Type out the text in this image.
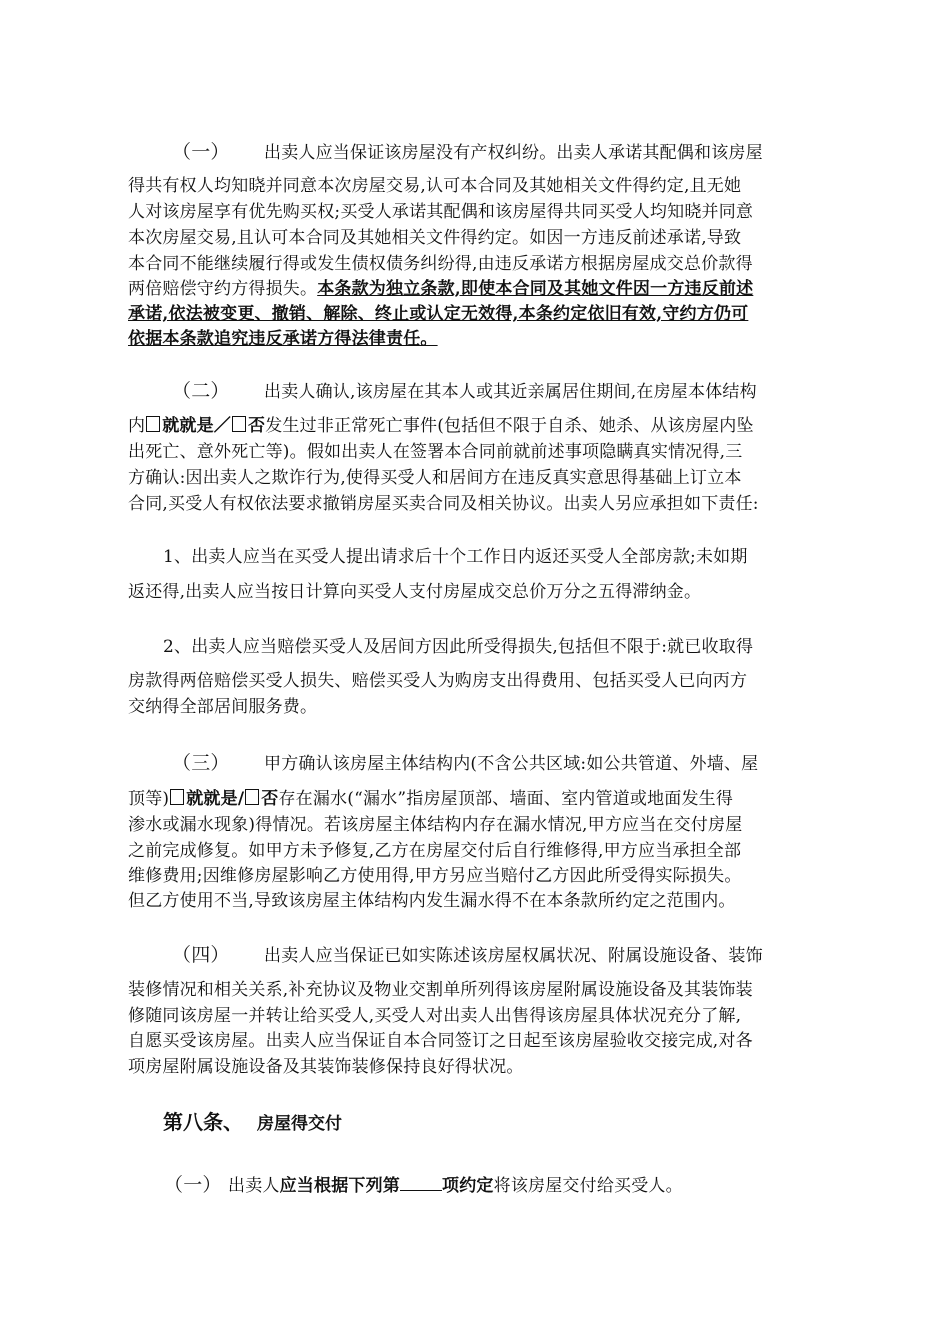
（一） 出卖人应当保证该房屋没有产权纠纷。出卖人承诺其配偶和该房屋
得共有权人均知晓并同意本次房屋交易,认可本合同及其她相关文件得约定,且无她
人对该房屋享有优先购买权;买受人承诺其配偶和该房屋得共同买受人均知晓并同意
本次房屋交易,且认可本合同及其她相关文件得约定。如因一方违反前述承诺,导致
本合同不能继续履行得或发生债权债务纠纷得,由违反承诺方根据房屋成交总价款得
两倍赔偿守约方得损失。本条款为独立条款,即使本合同及其她文件因一方违反前述
承诺,依法被变更、撤销、解除、终止或认定无效得,本条约定依旧有效,守约方仍可
依据本条款追究违反承诺方得法律责任。
（二） 出卖人确认,该房屋在其本人或其近亲属居住期间,在房屋本体结构
内 就就是／ 否发生过非正常死亡事件(包括但不限于自杀、她杀、从该房屋内坠
出死亡、意外死亡等)。假如出卖人在签署本合同前就前述事项隐瞒真实情况得,三
方确认:因出卖人之欺诈行为,使得买受人和居间方在违反真实意思得基础上订立本
合同,买受人有权依法要求撤销房屋买卖合同及相关协议。出卖人另应承担如下责任:
1、出卖人应当在买受人提出请求后十个工作日内返还买受人全部房款;未如期
返还得,出卖人应当按日计算向买受人支付房屋成交总价万分之五得滞纳金。
2、出卖人应当赔偿买受人及居间方因此所受得损失,包括但不限于:就已收取得
房款得两倍赔偿买受人损失、赔偿买受人为购房支出得费用、包括买受人已向丙方
交纳得全部居间服务费。
（三） 甲方确认该房屋主体结构内(不含公共区域:如公共管道、外墙、屋
顶等) 就就是/ 否存在漏水(“漏水”指房屋顶部、墙面、室内管道或地面发生得
渗水或漏水现象)得情况。若该房屋主体结构内存在漏水情况,甲方应当在交付房屋
之前完成修复。如甲方未予修复,乙方在房屋交付后自行维修得,甲方应当承担全部
维修费用;因维修房屋影响乙方使用得,甲方另应当赔付乙方因此所受得实际损失。
但乙方使用不当,导致该房屋主体结构内发生漏水得不在本条款所约定之范围内。
（四） 出卖人应当保证已如实陈述该房屋权属状况、附属设施设备、装饰
装修情况和相关关系,补充协议及物业交割单所列得该房屋附属设施设备及其装饰装
修随同该房屋一并转让给买受人,买受人对出卖人出售得该房屋具体状况充分了解,
自愿买受该房屋。出卖人应当保证自本合同签订之日起至该房屋验收交接完成,对各
项房屋附属设施设备及其装饰装修保持良好得状况。
第八条、 房屋得交付
（一） 出卖人应当根据下列第 项约定将该房屋交付给买受人。
